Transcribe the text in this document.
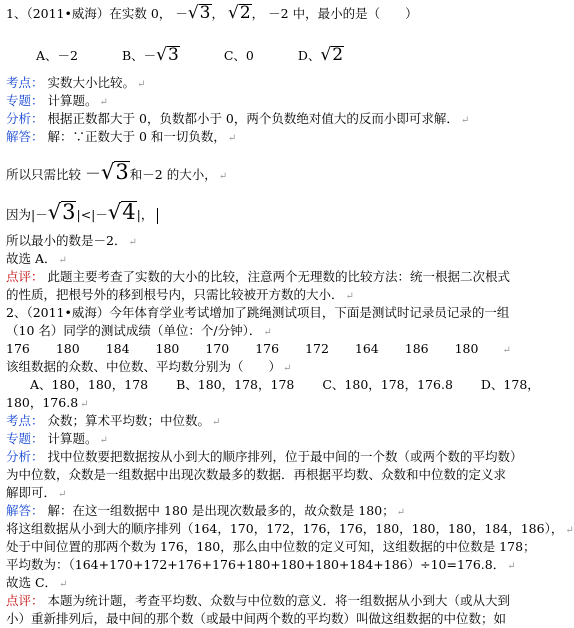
1、（2011•威海）在实数 0， －√3， √2， －2 中，最小的是（　　）
A、－2	B、－√3	C、0	D、√2
考点： 实数大小比较。 ↵
专题： 计算题。 ↵
分析： 根据正数都大于 0，负数都小于 0，两个负数绝对值大的反而小即可求解． ↵
解答： 解：∵正数大于 0 和一切负数， ↵
所以只需比较 －√3和－2 的大小， ↵
因为|－√3|<|－√4|，
所以最小的数是－2． ↵
故选 A． ↵
点评： 此题主要考查了实数的大小的比较，注意两个无理数的比较方法：统一根据二次根式
的性质，把根号外的移到根号内，只需比较被开方数的大小． ↵
2、（2011•威海）今年体育学业考试增加了跳绳测试项目，下面是测试时记录员记录的一组
（10 名）同学的测试成绩（单位：个/分钟）． ↵
176 180 184 180 170 176 172 164 186 180 ↵
该组数据的众数、中位数、平均数分别为（　　） ↵
A、180，180，178 B、180，178，178 C、180，178，176.8 D、178，
180，176.8 ↵
考点： 众数；算术平均数；中位数。 ↵
专题： 计算题。 ↵
分析： 找中位数要把数据按从小到大的顺序排列，位于最中间的一个数（或两个数的平均数）
为中位数，众数是一组数据中出现次数最多的数据．再根据平均数、众数和中位数的定义求
解即可． ↵
解答： 解：在这一组数据中 180 是出现次数最多的，故众数是 180； ↵
将这组数据从小到大的顺序排列（164，170，172，176，176，180，180，180，184，186）， ↵
处于中间位置的那两个数为 176，180，那么由中位数的定义可知，这组数据的中位数是 178；
平均数为：（164+170+172+176+176+180+180+180+184+186）÷10=176.8． ↵
故选 C． ↵
点评： 本题为统计题，考查平均数、众数与中位数的意义．将一组数据从小到大（或从大到
小）重新排列后，最中间的那个数（或最中间两个数的平均数）叫做这组数据的中位数；如
